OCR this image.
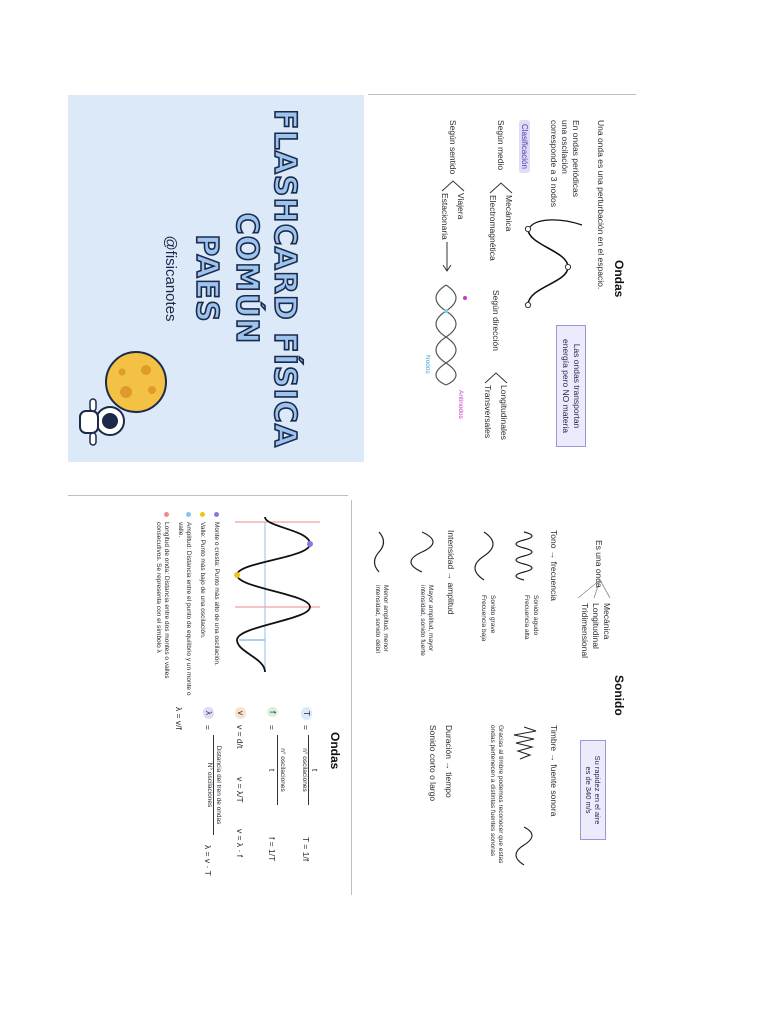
FLASHCARD FÍSICA
COMÚN
PAES
@fisicanotes	Ondas
Una onda es una perturbación en el espacio.
En ondas periódicas
una oscilación
corresponde a 3 nodos
Las ondas transportan
energía pero NO materia
Clasificación
Según medio
Mecánica
Electromagnética
Según dirección
Longitudinales
Transversales
Según sentido
Viajera
Estacionaria
Antinodos
Nodos
Sonido
Es una onda
Mecánica
Longitudinal
Tridimensional
Su rapidez en el aire
es de 340 m/s
Tono → frecuencia
Sonido agudo
Frecuencia alta
Sonido grave
Frecuencia baja
Intensidad → amplitud
Mayor amplitud, mayor
intensidad, sonido fuerte
Menor amplitud, menor
intensidad, sonido débil
Timbre → fuente sonora
Gracias al timbre podemos reconocer que estas
ondas pertenecen a distintas fuentes sonoras
Duración → tiempo
Sonido corto o largo
Ondas
Monte o cresta: Punto más alto de una oscilación.
Valle: Punto más bajo de una oscilación.
Amplitud: Distancia entre el punto de equilibrio y un monte o valle.
Longitud de onda: Distancia entre dos montes o valles consecutivos. Se representa con el símbolo λ
T
=
t
n° oscilaciones
T = 1/f
f
=
n° oscilaciones
t
f = 1/T
v
v = d/t
v = λ/T
v = λ · f
λ
=
Distancia del tren de ondas
N° oscilaciones
λ = v · T
λ = v/f
